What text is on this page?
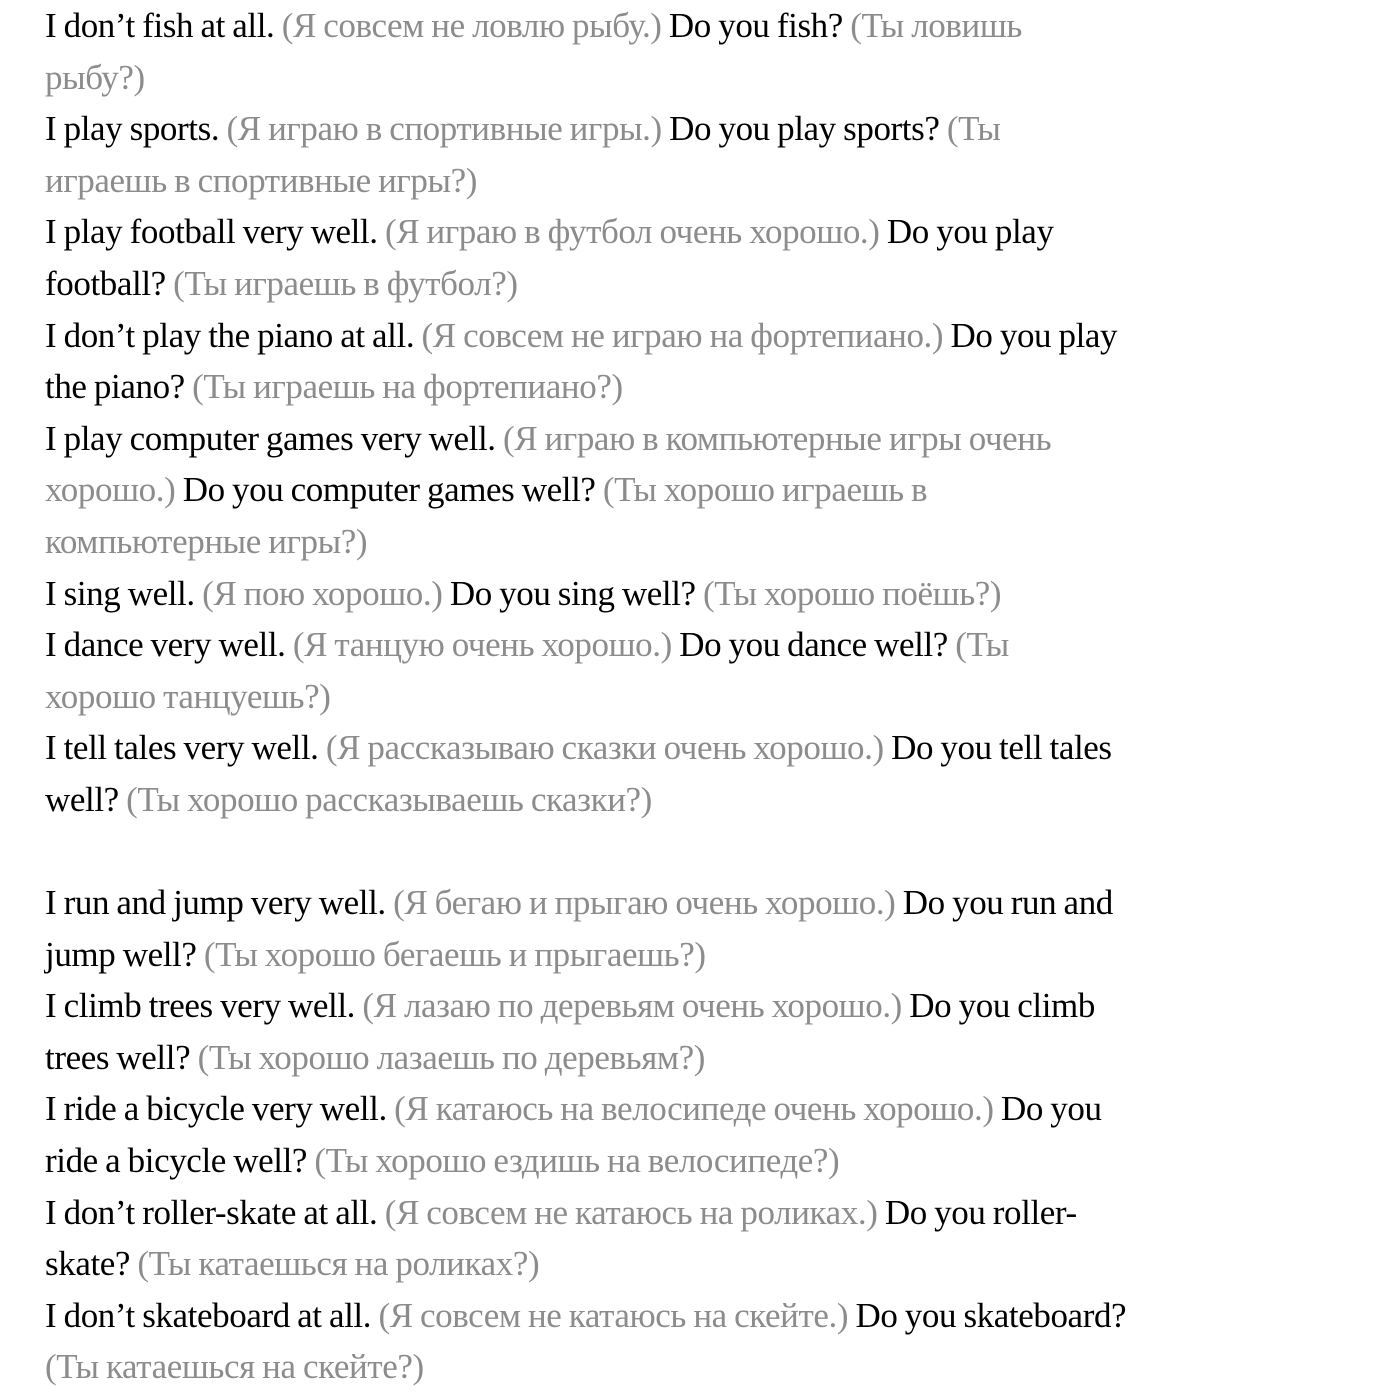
I don’t fish at all. (Я совсем не ловлю рыбу.) Do you fish? (Ты ловишь
рыбу?)
I play sports. (Я играю в спортивные игры.) Do you play sports? (Ты
играешь в спортивные игры?)
I play football very well. (Я играю в футбол очень хорошо.) Do you play
football? (Ты играешь в футбол?)
I don’t play the piano at all. (Я совсем не играю на фортепиано.) Do you play
the piano? (Ты играешь на фортепиано?)
I play computer games very well. (Я играю в компьютерные игры очень
хорошо.) Do you computer games well? (Ты хорошо играешь в
компьютерные игры?)
I sing well. (Я пою хорошо.) Do you sing well? (Ты хорошо поёшь?)
I dance very well. (Я танцую очень хорошо.) Do you dance well? (Ты
хорошо танцуешь?)
I tell tales very well. (Я рассказываю сказки очень хорошо.) Do you tell tales
well? (Ты хорошо рассказываешь сказки?)
I run and jump very well. (Я бегаю и прыгаю очень хорошо.) Do you run and
jump well? (Ты хорошо бегаешь и прыгаешь?)
I climb trees very well. (Я лазаю по деревьям очень хорошо.) Do you climb
trees well? (Ты хорошо лазаешь по деревьям?)
I ride a bicycle very well. (Я катаюсь на велосипеде очень хорошо.) Do you
ride a bicycle well? (Ты хорошо ездишь на велосипеде?)
I don’t roller-skate at all. (Я совсем не катаюсь на роликах.) Do you roller-
skate? (Ты катаешься на роликах?)
I don’t skateboard at all. (Я совсем не катаюсь на скейте.) Do you skateboard?
(Ты катаешься на скейте?)
